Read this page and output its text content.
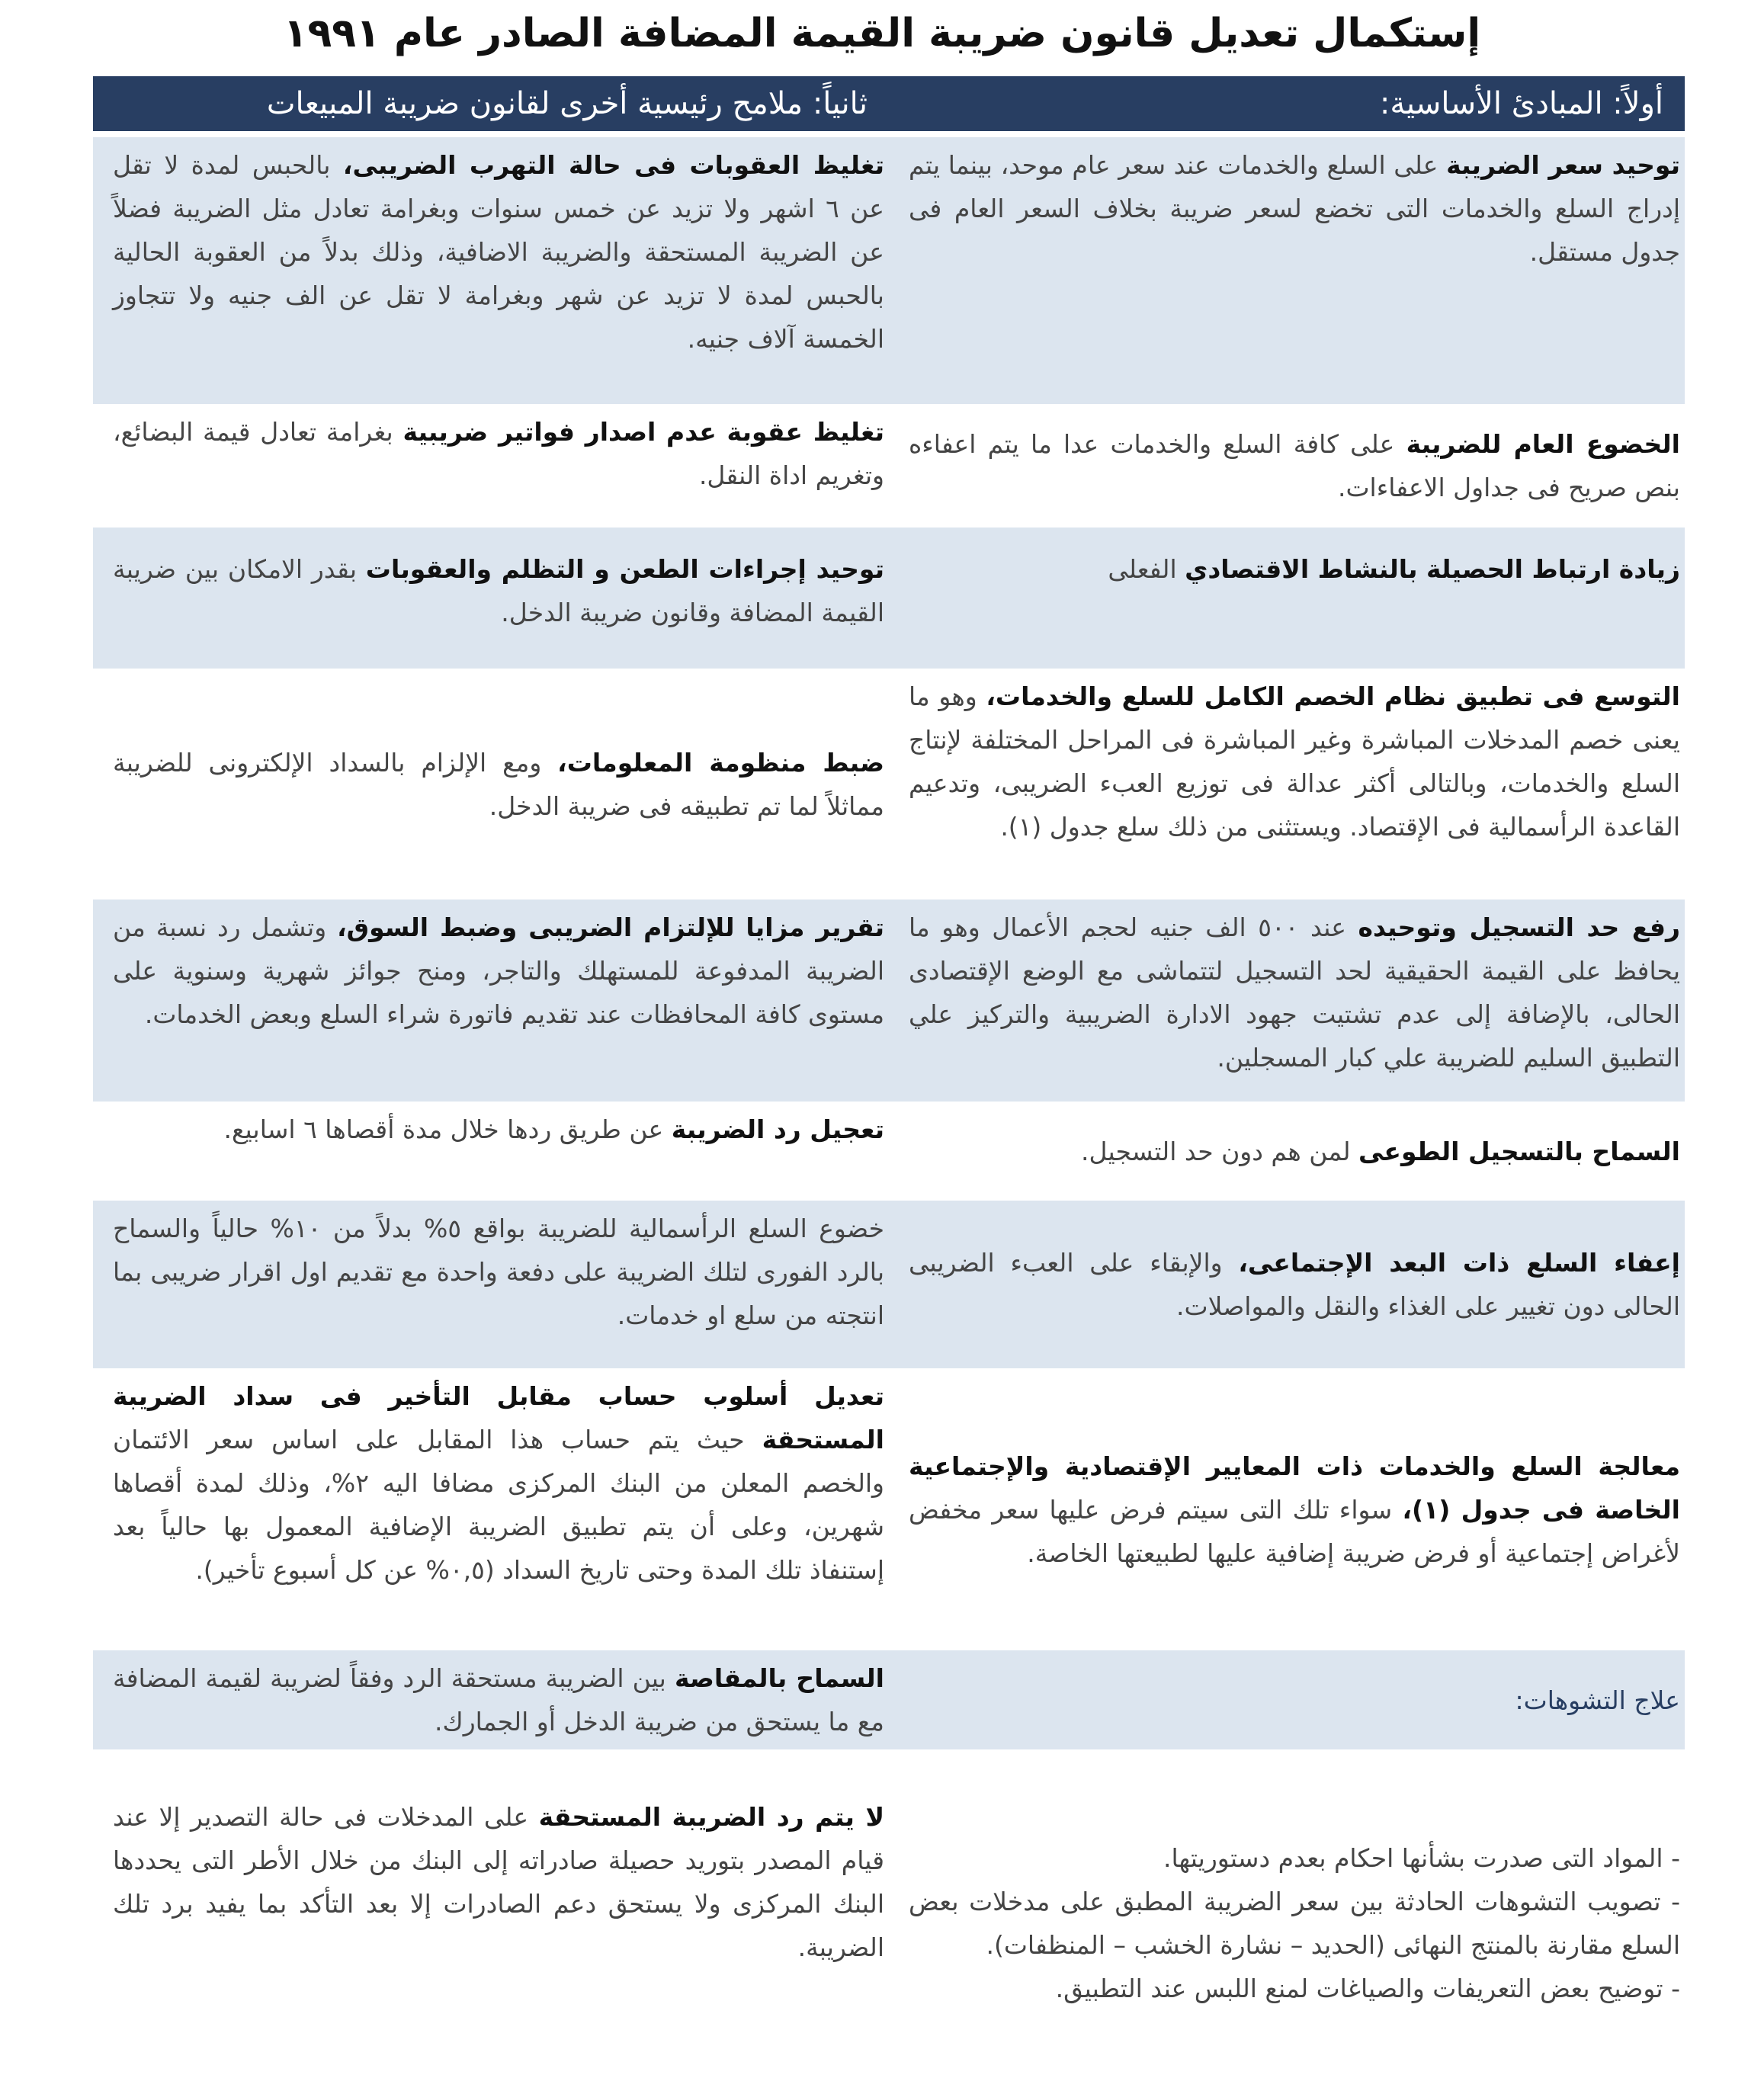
إستكمال تعديل قانون ضريبة القيمة المضافة الصادر عام ١٩٩١
أولاً: المبادئ الأساسية:
ثانياً: ملامح رئيسية أخرى لقانون ضريبة المبيعات

توحيد سعر الضريبة على السلع والخدمات عند سعر عام موحد، بينما يتم إدراج السلع والخدمات التى تخضع لسعر ضريبة بخلاف السعر العام فى جدول مستقل.

تغليظ العقوبات فى حالة التهرب الضريبى، بالحبس لمدة لا تقل عن ٦ اشهر ولا تزيد عن خمس سنوات وبغرامة تعادل مثل الضريبة فضلاً عن الضريبة المستحقة والضريبة الاضافية، وذلك بدلاً من العقوبة الحالية بالحبس لمدة لا تزيد عن شهر وبغرامة لا تقل عن الف جنيه ولا تتجاوز الخمسة آلاف جنيه.

الخضوع العام للضريبة على كافة السلع والخدمات عدا ما يتم اعفاءه بنص صريح فى جداول الاعفاءات.

تغليظ عقوبة عدم اصدار فواتير ضريبية بغرامة تعادل قيمة البضائع، وتغريم اداة النقل.

زيادة ارتباط الحصيلة بالنشاط الاقتصادي الفعلى

توحيد إجراءات الطعن و التظلم والعقوبات بقدر الامكان بين ضريبة القيمة المضافة وقانون ضريبة الدخل.

التوسع فى تطبيق نظام الخصم الكامل للسلع والخدمات، وهو ما يعنى خصم المدخلات المباشرة وغير المباشرة فى المراحل المختلفة لإنتاج السلع والخدمات، وبالتالى أكثر عدالة فى توزيع العبء الضريبى، وتدعيم القاعدة الرأسمالية فى الإقتصاد. ويستثنى من ذلك سلع جدول (١).

ضبط منظومة المعلومات، ومع الإلزام بالسداد الإلكترونى للضريبة مماثلاً لما تم تطبيقه فى ضريبة الدخل.

رفع حد التسجيل وتوحيده عند ٥٠٠ الف جنيه لحجم الأعمال وهو ما يحافظ على القيمة الحقيقية لحد التسجيل لتتماشى مع الوضع الإقتصادى الحالى، بالإضافة إلى عدم تشتيت جهود الادارة الضريبية والتركيز علي التطبيق السليم للضريبة علي كبار المسجلين.

تقرير مزايا للإلتزام الضريبى وضبط السوق، وتشمل رد نسبة من الضريبة المدفوعة للمستهلك والتاجر، ومنح جوائز شهرية وسنوية على مستوى كافة المحافظات عند تقديم فاتورة شراء السلع وبعض الخدمات.

السماح بالتسجيل الطوعى لمن هم دون حد التسجيل.

تعجيل رد الضريبة عن طريق ردها خلال مدة أقصاها ٦ اسابيع.

إعفاء السلع ذات البعد الإجتماعى، والإبقاء على العبء الضريبى الحالى دون تغيير على الغذاء والنقل والمواصلات.

خضوع السلع الرأسمالية للضريبة بواقع ٥% بدلاً من ١٠% حالياً والسماح بالرد الفورى لتلك الضريبة على دفعة واحدة مع تقديم اول اقرار ضريبى بما انتجته من سلع او خدمات.

معالجة السلع والخدمات ذات المعايير الإقتصادية والإجتماعية الخاصة فى جدول (١)، سواء تلك التى سيتم فرض عليها سعر مخفض لأغراض إجتماعية أو فرض ضريبة إضافية عليها لطبيعتها الخاصة.

تعديل أسلوب حساب مقابل التأخير فى سداد الضريبة المستحقة حيث يتم حساب هذا المقابل على اساس سعر الائتمان والخصم المعلن من البنك المركزى مضافا اليه ٢%، وذلك لمدة أقصاها شهرين، وعلى أن يتم تطبيق الضريبة الإضافية المعمول بها حالياً بعد إستنفاذ تلك المدة وحتى تاريخ السداد (٠,٥% عن كل أسبوع تأخير).

علاج التشوهات:

السماح بالمقاصة بين الضريبة مستحقة الرد وفقاً لضريبة لقيمة المضافة مع ما يستحق من ضريبة الدخل أو الجمارك.

- المواد التى صدرت بشأنها احكام بعدم دستوريتها.

- تصويب التشوهات الحادثة بين سعر الضريبة المطبق على مدخلات بعض السلع مقارنة بالمنتج النهائى (الحديد – نشارة الخشب – المنظفات).

- توضيح بعض التعريفات والصياغات لمنع اللبس عند التطبيق.

لا يتم رد الضريبة المستحقة على المدخلات فى حالة التصدير إلا عند قيام المصدر بتوريد حصيلة صادراته إلى البنك من خلال الأطر التى يحددها البنك المركزى ولا يستحق دعم الصادرات إلا بعد التأكد بما يفيد برد تلك الضريبة.
